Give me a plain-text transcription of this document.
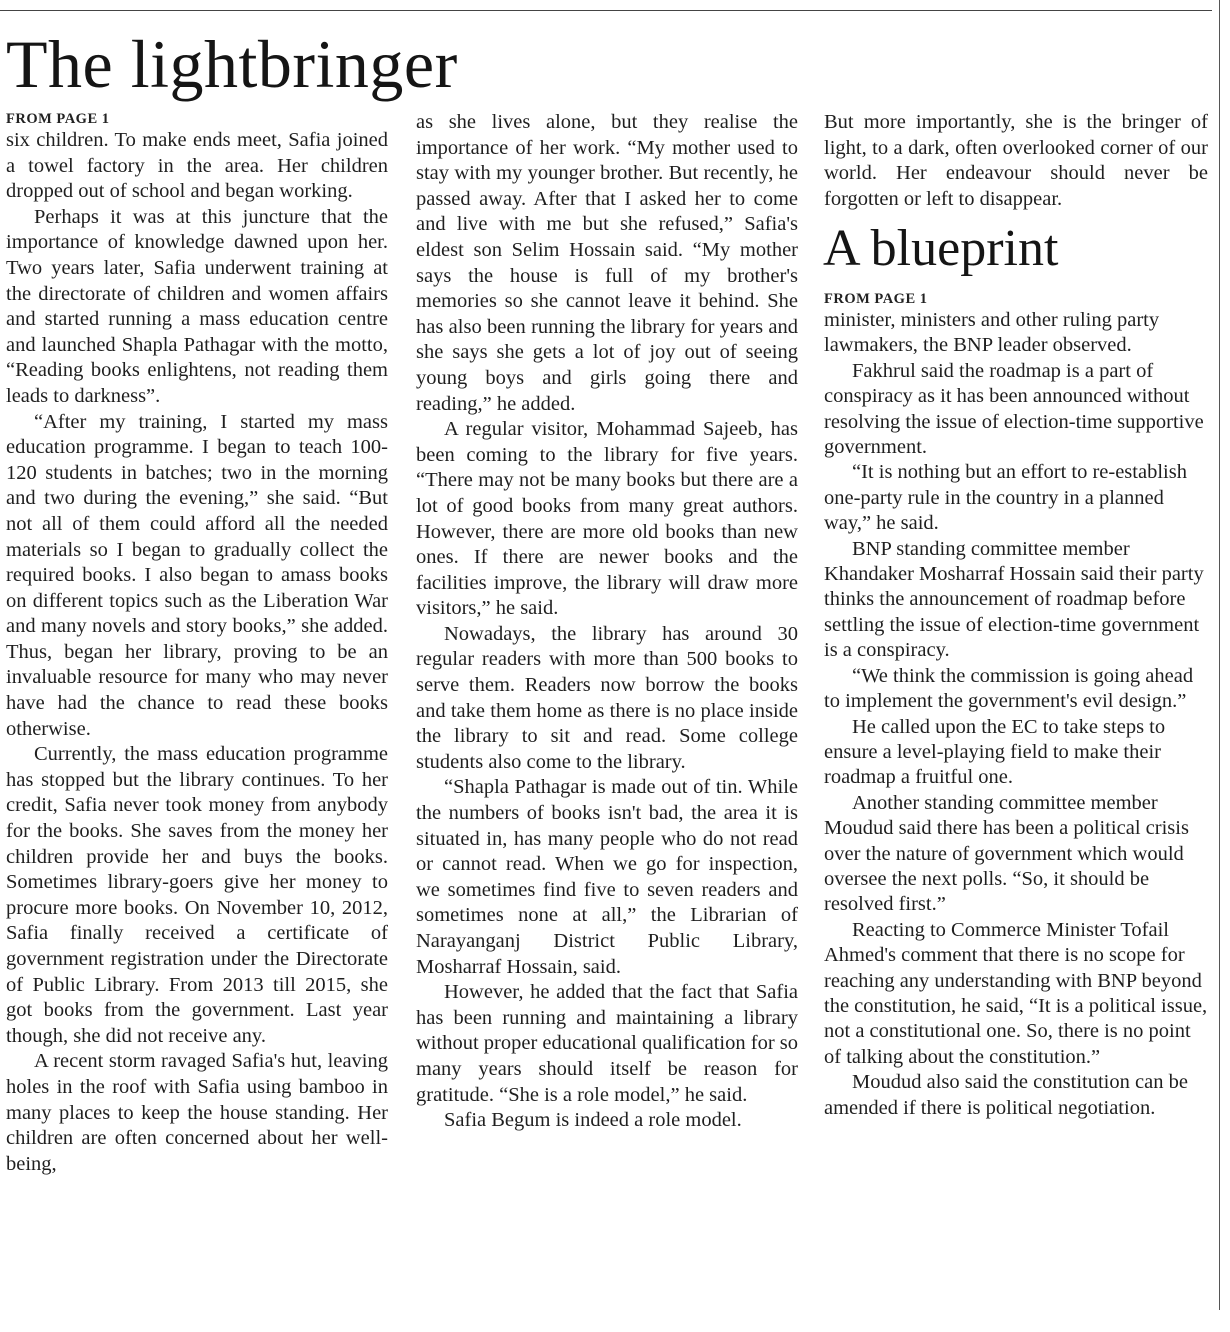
The lightbringer
FROM PAGE 1

six children. To make ends meet, Safia joined a towel factory in the area. Her children dropped out of school and began working.

Perhaps it was at this juncture that the importance of knowledge dawned upon her. Two years later, Safia underwent training at the directorate of children and women affairs and started running a mass education centre and launched Shapla Pathagar with the motto, “Reading books enlightens, not reading them leads to darkness”.

“After my training, I started my mass education programme. I began to teach 100-120 students in batches; two in the morning and two during the evening,” she said. “But not all of them could afford all the needed materials so I began to gradually collect the required books. I also began to amass books on different topics such as the Liberation War and many novels and story books,” she added. Thus, began her library, proving to be an invaluable resource for many who may never have had the chance to read these books otherwise.

Currently, the mass education programme has stopped but the library continues. To her credit, Safia never took money from anybody for the books. She saves from the money her children provide her and buys the books. Sometimes library-goers give her money to procure more books. On November 10, 2012, Safia finally received a certificate of government registration under the Directorate of Public Library. From 2013 till 2015, she got books from the government. Last year though, she did not receive any.

A recent storm ravaged Safia's hut, leaving holes in the roof with Safia using bamboo in many places to keep the house standing. Her children are often concerned about her well-being,

as she lives alone, but they realise the importance of her work. “My mother used to stay with my younger brother. But recently, he passed away. After that I asked her to come and live with me but she refused,” Safia's eldest son Selim Hossain said. “My mother says the house is full of my brother's memories so she cannot leave it behind. She has also been running the library for years and she says she gets a lot of joy out of seeing young boys and girls going there and reading,” he added.

A regular visitor, Mohammad Sajeeb, has been coming to the library for five years. “There may not be many books but there are a lot of good books from many great authors. However, there are more old books than new ones. If there are newer books and the facilities improve, the library will draw more visitors,” he said.

Nowadays, the library has around 30 regular readers with more than 500 books to serve them. Readers now borrow the books and take them home as there is no place inside the library to sit and read. Some college students also come to the library.

“Shapla Pathagar is made out of tin. While the numbers of books isn't bad, the area it is situated in, has many people who do not read or cannot read. When we go for inspection, we sometimes find five to seven readers and sometimes none at all,” the Librarian of Narayanganj District Public Library, Mosharraf Hossain, said.

However, he added that the fact that Safia has been running and maintaining a library without proper educational qualification for so many years should itself be reason for gratitude. “She is a role model,” he said.

Safia Begum is indeed a role model.

But more importantly, she is the bringer of light, to a dark, often overlooked corner of our world. Her endeavour should never be forgotten or left to disappear.

A blueprint
FROM PAGE 1

minister, ministers and other ruling party lawmakers, the BNP leader observed.

Fakhrul said the roadmap is a part of conspiracy as it has been announced without resolving the issue of election-time supportive government.

“It is nothing but an effort to re-establish one-party rule in the country in a planned way,” he said.

BNP standing committee member Khandaker Mosharraf Hossain said their party thinks the announcement of roadmap before settling the issue of election-time government is a conspiracy.

“We think the commission is going ahead to implement the government's evil design.”

He called upon the EC to take steps to ensure a level-playing field to make their roadmap a fruitful one.

Another standing committee member Moudud said there has been a political crisis over the nature of government which would oversee the next polls. “So, it should be resolved first.”

Reacting to Commerce Minister Tofail Ahmed's comment that there is no scope for reaching any understanding with BNP beyond the constitution, he said, “It is a political issue, not a constitutional one. So, there is no point of talking about the constitution.”

Moudud also said the constitution can be amended if there is political negotiation.
